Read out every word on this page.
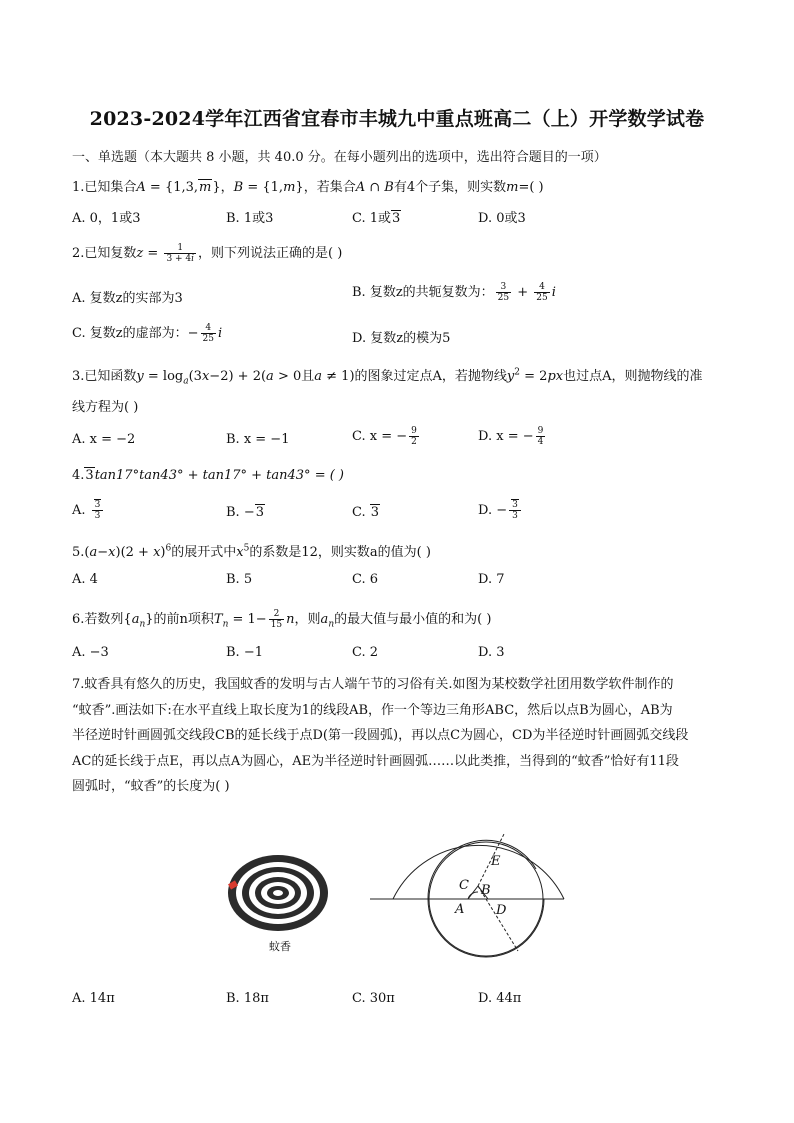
2023-2024学年江西省宜春市丰城九中重点班高二（上）开学数学试卷
一、单选题（本大题共 8 小题，共 40.0 分。在每小题列出的选项中，选出符合题目的一项）
1.已知集合A = {1,3,m}，B = {1,m}，若集合A ∩ B有4个子集，则实数m=( )
A. 0，1或3	B. 1或3	C. 1或3	D. 0或3
2.已知复数$z = \frac{1}{3 + 4i}$ ，则下列说法正确的是( )
A. 复数z的实部为3	B. 复数z的共轭复数为： $\frac{3}{25} + \frac{4}{25}$ i
C. 复数z的虚部为：− $\frac{4}{25}$ i	D. 复数z的模为5
3.已知函数$y = \log_a(3x-2) + 2(a > 0$且a ≠ 1)的图象过定点A，若抛物线$y^2 = 2px$也过点A，则抛物线的准
线方程为( )
A. x = −2	B. x = −1	C. x = − $\frac{9}{2}$	D. x = − $\frac{9}{4}$
4.3tan17°tan43° + tan17° + tan43° = ( )
A. $\frac{3}{3}$	B. −3	C. 3	D. − $\frac{3}{3}$
$5.(a-x)(2 + x)^6$的展开式中$x^5$的系数是12，则实数a的值为( )
A. 4	B. 5	C. 6	D. 7
6.若数列$\{a_n\}$的前n项积$T_n = 1- \frac{2}{15}$ n，则$a_n$的最大值与最小值的和为( )
A. −3	B. −1	C. 2	D. 3
7.蚊香具有悠久的历史，我国蚊香的发明与古人端午节的习俗有关.如图为某校数学社团用数学软件制作的
“蚊香”.画法如下:在水平直线上取长度为1的线段AB，作一个等边三角形ABC，然后以点B为圆心，AB为
半径逆时针画圆弧交线段CB的延长线于点D(第一段圆弧)，再以点C为圆心，CD为半径逆时针画圆弧交线段
AC的延长线于点E，再以点A为圆心，AE为半径逆时针画圆弧……以此类推，当得到的“蚊香”恰好有11段
圆弧时，“蚊香”的长度为( )
蚊香
C B
A D
E
A. 14π	B. 18π	C. 30π	D. 44π
